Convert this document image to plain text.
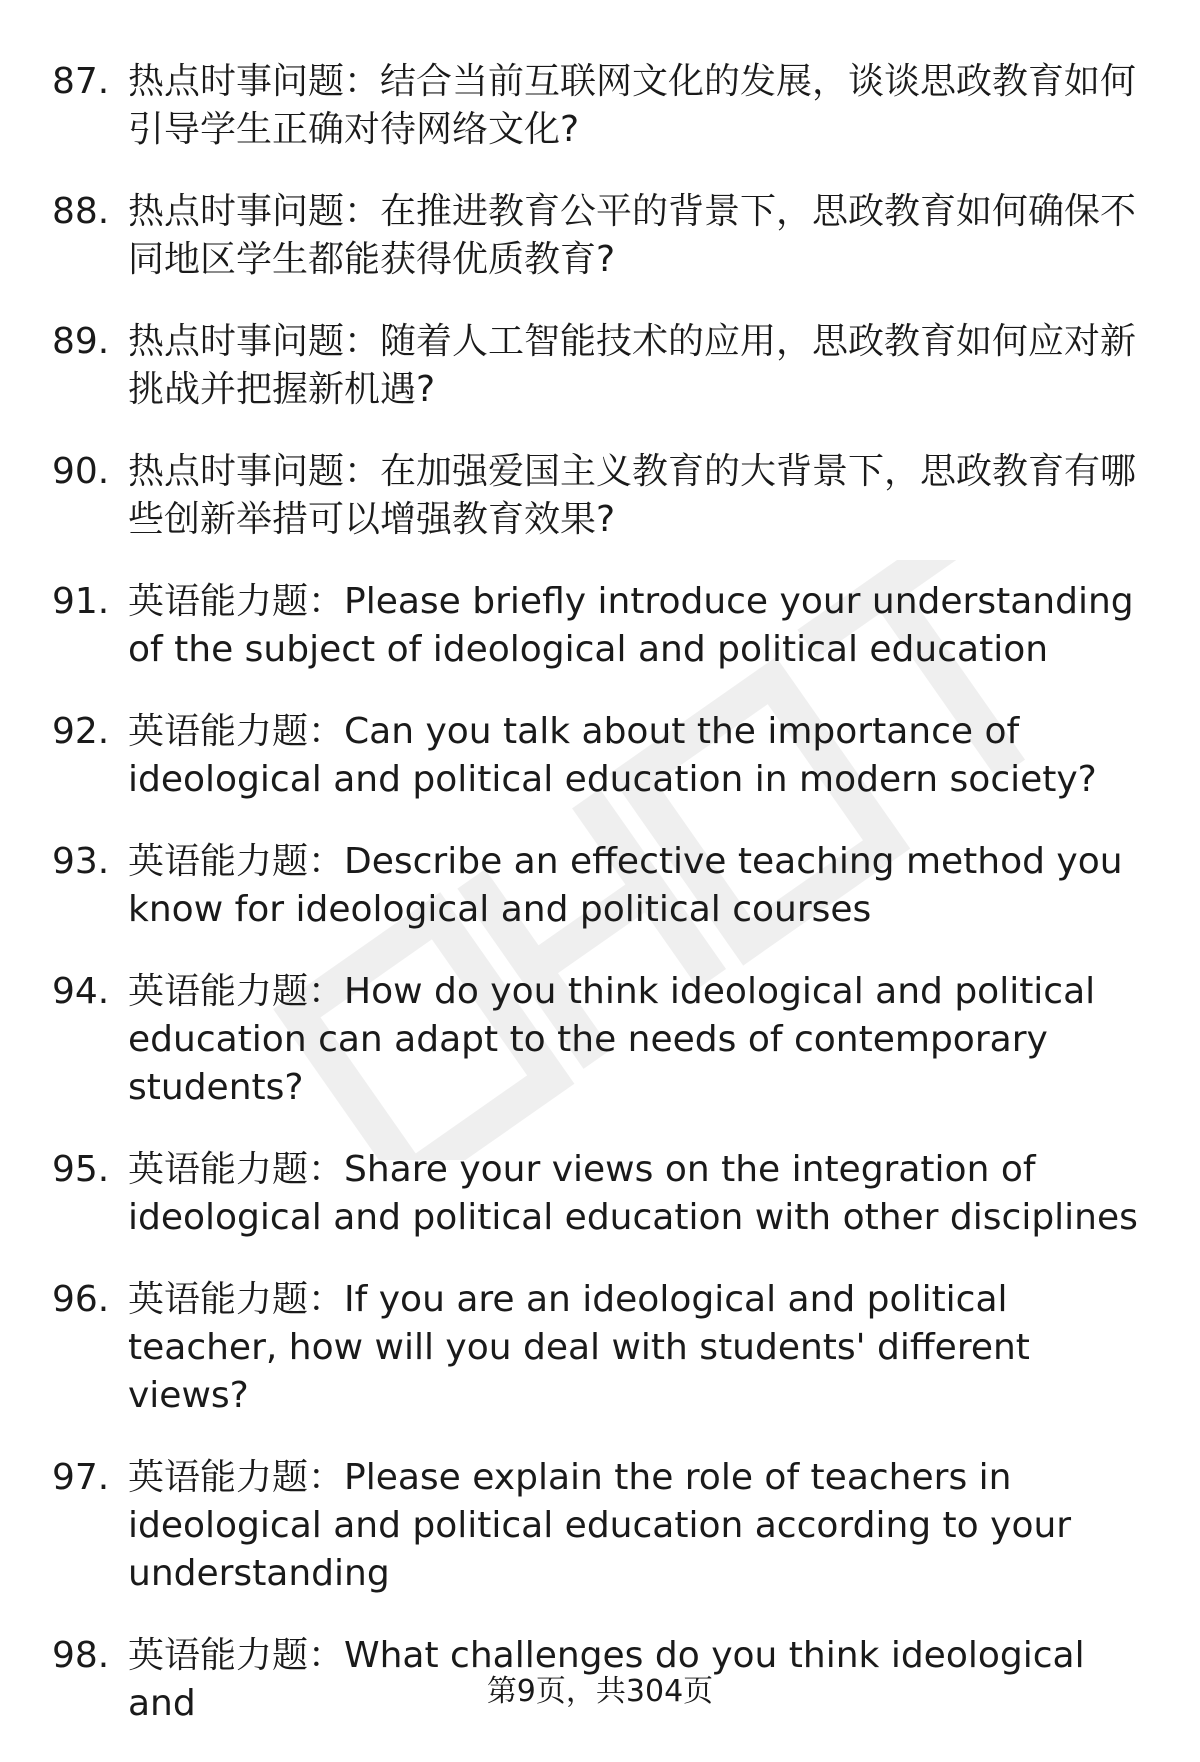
87. 热点时事问题：结合当前互联网文化的发展，谈谈思政教育如何引导学生正确对待网络文化?
88. 热点时事问题：在推进教育公平的背景下，思政教育如何确保不同地区学生都能获得优质教育?
89. 热点时事问题：随着人工智能技术的应用，思政教育如何应对新挑战并把握新机遇?
90. 热点时事问题：在加强爱国主义教育的大背景下，思政教育有哪些创新举措可以增强教育效果?
91. 英语能力题：Please briefly introduce your understanding of the subject of ideological and political education
92. 英语能力题：Can you talk about the importance of ideological and political education in modern society?
93. 英语能力题：Describe an effective teaching method you know for ideological and political courses
94. 英语能力题：How do you think ideological and political education can adapt to the needs of contemporary students?
95. 英语能力题：Share your views on the integration of ideological and political education with other disciplines
96. 英语能力题：If you are an ideological and political teacher, how will you deal with students' different views?
97. 英语能力题：Please explain the role of teachers in ideological and political education according to your understanding
98. 英语能力题：What challenges do you think ideological and	第9页，共304页
